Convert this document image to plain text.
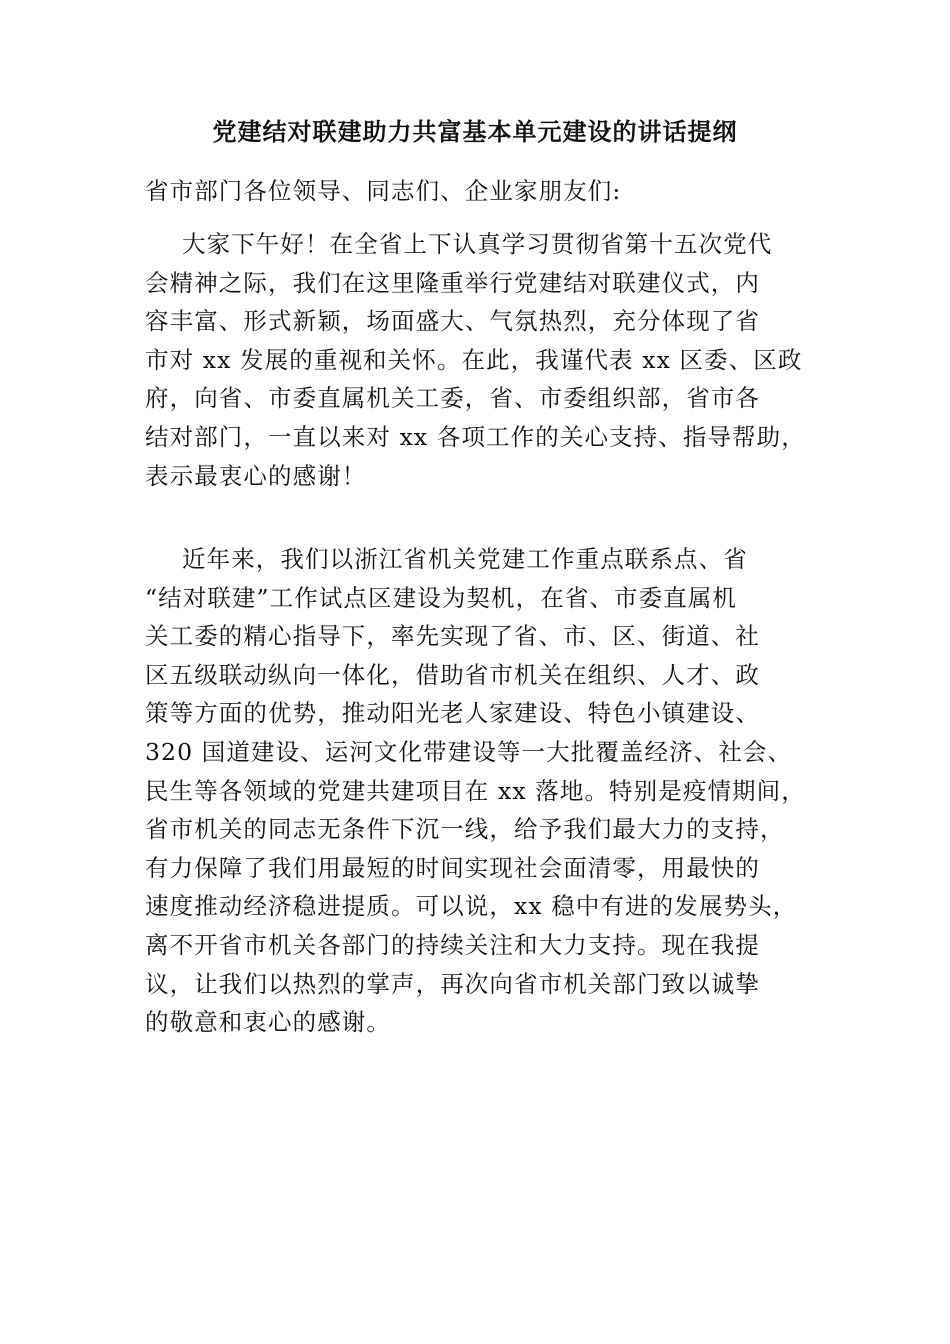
党建结对联建助力共富基本单元建设的讲话提纲
省市部门各位领导、同志们、企业家朋友们:
大家下午好！在全省上下认真学习贯彻省第十五次党代
会精神之际，我们在这里隆重举行党建结对联建仪式，内
容丰富、形式新颖，场面盛大、气氛热烈，充分体现了省
市对 xx 发展的重视和关怀。在此，我谨代表 xx 区委、区政
府，向省、市委直属机关工委，省、市委组织部，省市各
结对部门，一直以来对 xx 各项工作的关心支持、指导帮助，
表示最衷心的感谢！
近年来，我们以浙江省机关党建工作重点联系点、省
“结对联建”工作试点区建设为契机，在省、市委直属机
关工委的精心指导下，率先实现了省、市、区、街道、社
区五级联动纵向一体化，借助省市机关在组织、人才、政
策等方面的优势，推动阳光老人家建设、特色小镇建设、
320 国道建设、运河文化带建设等一大批覆盖经济、社会、
民生等各领域的党建共建项目在 xx 落地。特别是疫情期间，
省市机关的同志无条件下沉一线，给予我们最大力的支持，
有力保障了我们用最短的时间实现社会面清零，用最快的
速度推动经济稳进提质。可以说，xx 稳中有进的发展势头，
离不开省市机关各部门的持续关注和大力支持。现在我提
议，让我们以热烈的掌声，再次向省市机关部门致以诚挚
的敬意和衷心的感谢。
